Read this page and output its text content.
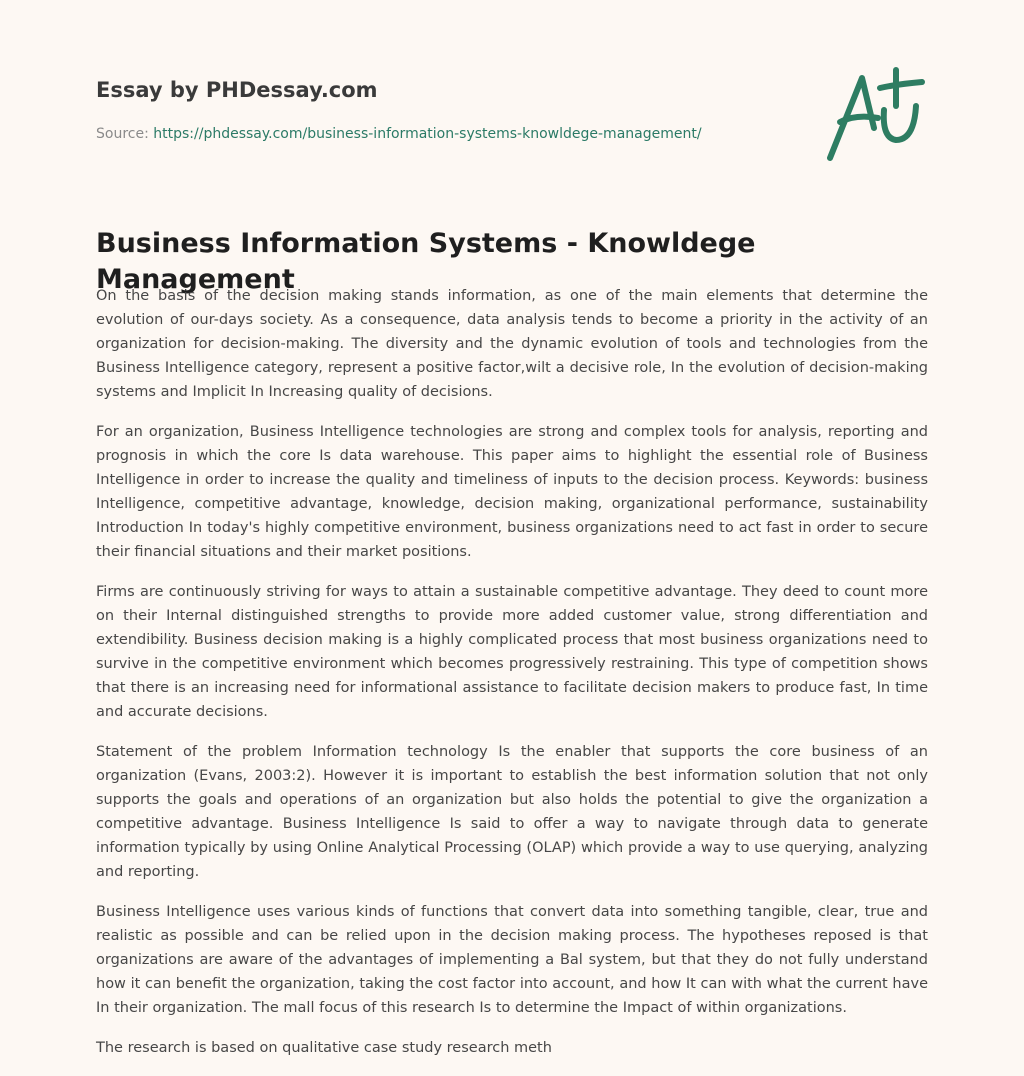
Essay by PHDessay.com
Source: https://phdessay.com/business-information-systems-knowldege-management/
Business Information Systems - Knowldege Management

On the basis of the decision making stands information, as one of the main elements that determine the evolution of our-days society. As a consequence, data analysis tends to become a priority in the activity of an organization for decision-making. The diversity and the dynamic evolution of tools and technologies from the Business Intelligence category, represent a positive factor,wilt a decisive role, In the evolution of decision-making systems and Implicit In Increasing quality of decisions.

For an organization, Business Intelligence technologies are strong and complex tools for analysis, reporting and prognosis in which the core Is data warehouse. This paper aims to highlight the essential role of Business Intelligence in order to increase the quality and timeliness of inputs to the decision process. Keywords: business Intelligence, competitive advantage, knowledge, decision making, organizational performance, sustainability Introduction In today's highly competitive environment, business organizations need to act fast in order to secure their financial situations and their market positions.

Firms are continuously striving for ways to attain a sustainable competitive advantage. They deed to count more on their Internal distinguished strengths to provide more added customer value, strong differentiation and extendibility. Business decision making is a highly complicated process that most business organizations need to survive in the competitive environment which becomes progressively restraining. This type of competition shows that there is an increasing need for informational assistance to facilitate decision makers to produce fast, In time and accurate decisions.

Statement of the problem Information technology Is the enabler that supports the core business of an organization (Evans, 2003:2). However it is important to establish the best information solution that not only supports the goals and operations of an organization but also holds the potential to give the organization a competitive advantage. Business Intelligence Is said to offer a way to navigate through data to generate information typically by using Online Analytical Processing (OLAP) which provide a way to use querying, analyzing and reporting.

Business Intelligence uses various kinds of functions that convert data into something tangible, clear, true and realistic as possible and can be relied upon in the decision making process. The hypotheses reposed is that organizations are aware of the advantages of implementing a Bal system, but that they do not fully understand how it can benefit the organization, taking the cost factor into account, and how It can with what the current have In their organization. The mall focus of this research Is to determine the Impact of within organizations.

The research is based on qualitative case study research meth
